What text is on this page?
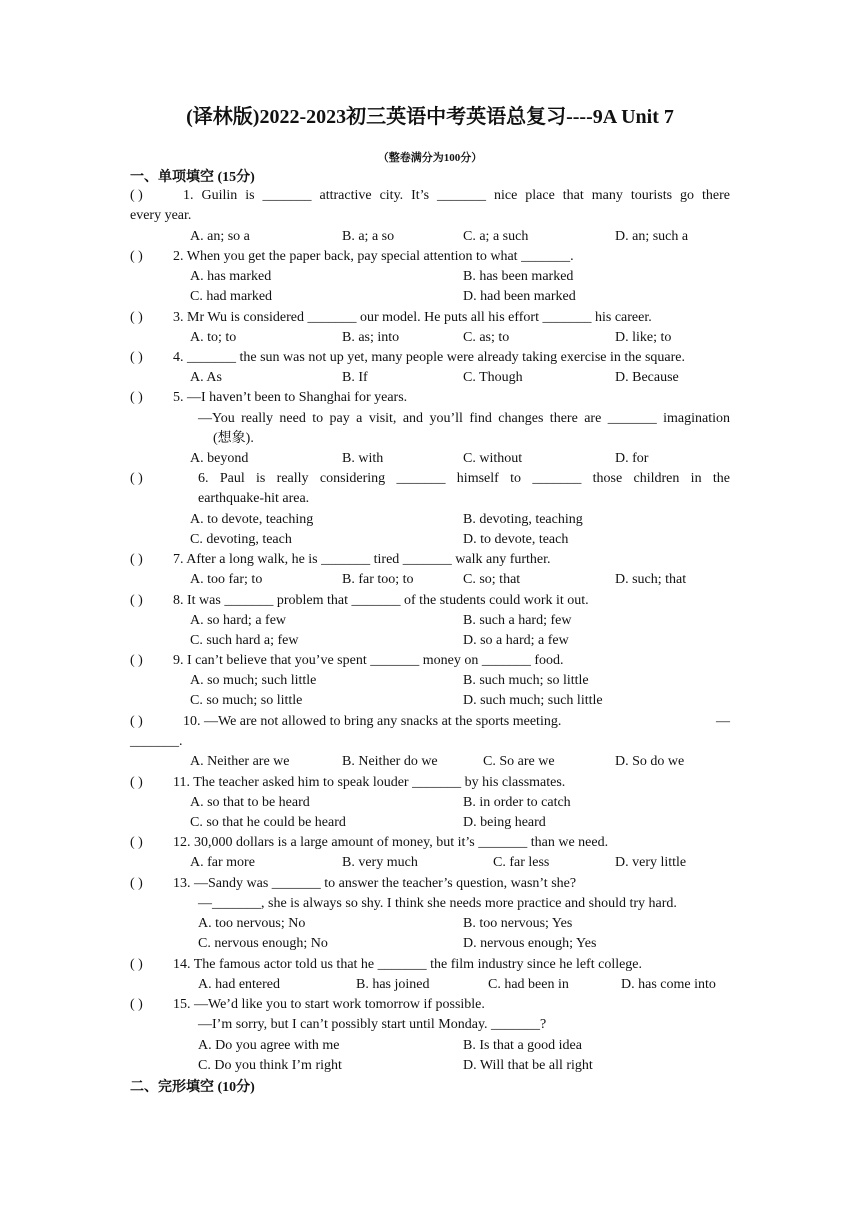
(译林版)2022-2023初三英语中考英语总复习----9A Unit 7
（整卷满分为100分）
一、单项填空 (15分)
( )	1. Guilin is _______ attractive city. It’s _______ nice place that many tourists go there
every year.
A. an; so a	B. a; a so	C. a; a such	D. an; such a
( ) 2. When you get the paper back, pay special attention to what _______.
A. has marked	B. has been marked
C. had marked	D. had been marked
( ) 3. Mr Wu is considered _______ our model. He puts all his effort _______ his career.
A. to; to	B. as; into	C. as; to	D. like; to
( ) 4. _______ the sun was not up yet, many people were already taking exercise in the square.
A. As	B. If	C. Though	D. Because
( ) 5. —I haven’t been to Shanghai for years.
—You really need to pay a visit, and you’ll find changes there are _______ imagination
(想象).
A. beyond	B. with	C. without	D. for
( )	6. Paul is really considering _______ himself to _______ those children in the
earthquake-hit area.
A. to devote, teaching	B. devoting, teaching
C. devoting, teach	D. to devote, teach
( ) 7. After a long walk, he is _______ tired _______ walk any further.
A. too far; to	B. far too; to	C. so; that	D. such; that
( ) 8. It was _______ problem that _______ of the students could work it out.
A. so hard; a few	B. such a hard; few
C. such hard a; few	D. so a hard; a few
( ) 9. I can’t believe that you’ve spent _______ money on _______ food.
A. so much; such little	B. such much; so little
C. so much; so little	D. such much; such little
( )	10. —We are not allowed to bring any snacks at the sports meeting.	—
_______.
A. Neither are we	B. Neither do we	C. So are we	D. So do we
( ) 11. The teacher asked him to speak louder _______ by his classmates.
A. so that to be heard	B. in order to catch
C. so that he could be heard	D. being heard
( ) 12. 30,000 dollars is a large amount of money, but it’s _______ than we need.
A. far more	B. very much	C. far less	D. very little
( ) 13. —Sandy was _______ to answer the teacher’s question, wasn’t she?
—_______, she is always so shy. I think she needs more practice and should try hard.
A. too nervous; No	B. too nervous; Yes
C. nervous enough; No	D. nervous enough; Yes
( ) 14. The famous actor told us that he _______ the film industry since he left college.
A. had entered	B. has joined	C. had been in	D. has come into
( ) 15. —We’d like you to start work tomorrow if possible.
—I’m sorry, but I can’t possibly start until Monday. _______?
A. Do you agree with me	B. Is that a good idea
C. Do you think I’m right	D. Will that be all right
二、完形填空 (10分)
